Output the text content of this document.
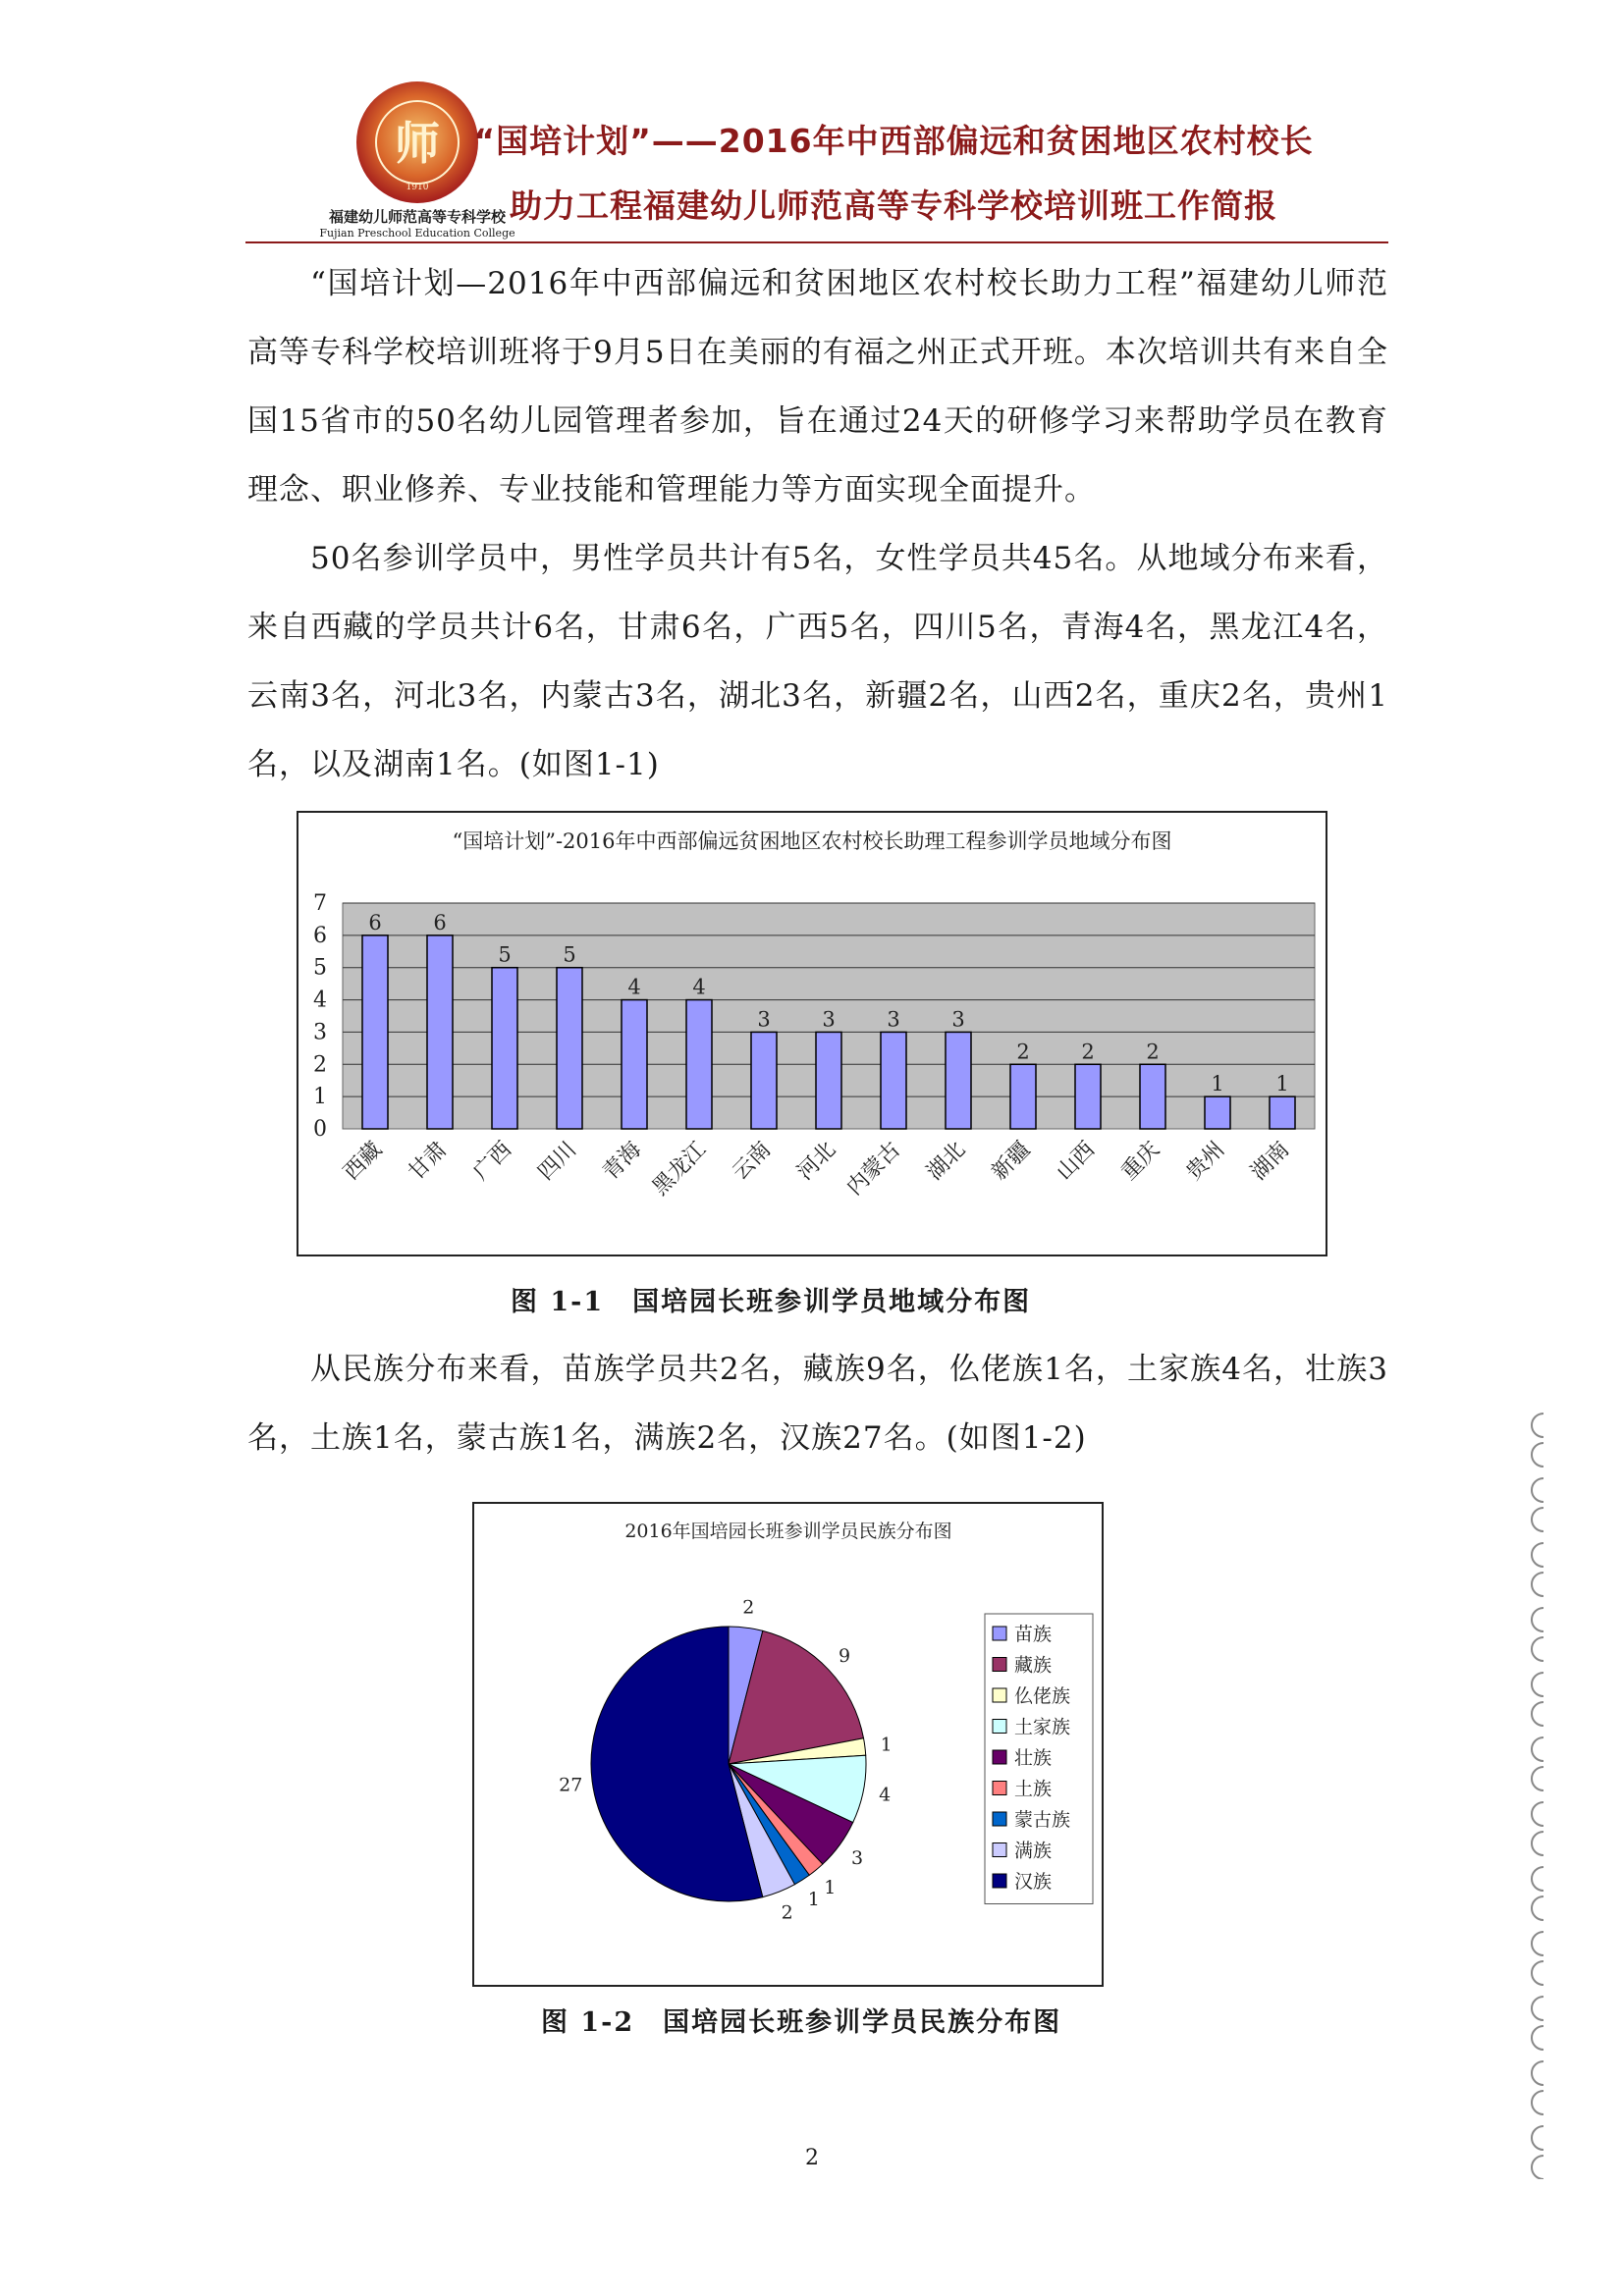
师
1910
福建幼儿师范高等专科学校
Fujian Preschool Education College
“国培计划”——2016年中西部偏远和贫困地区农村校长
助力工程福建幼儿师范高等专科学校培训班工作简报
“国培计划—2016年中西部偏远和贫困地区农村校长助力工程”福建幼儿师范高等专科学校培训班将于9月5日在美丽的有福之州正式开班。本次培训共有来自全国15省市的50名幼儿园管理者参加，旨在通过24天的研修学习来帮助学员在教育理念、职业修养、专业技能和管理能力等方面实现全面提升。
50名参训学员中，男性学员共计有5名，女性学员共45名。从地域分布来看，来自西藏的学员共计6名，甘肃6名，广西5名，四川5名，青海4名，黑龙江4名，云南3名，河北3名，内蒙古3名，湖北3名，新疆2名，山西2名，重庆2名，贵州1名，以及湖南1名。(如图1-1)
“国培计划”-2016年中西部偏远贫困地区农村校长助理工程参训学员地域分布图
0
1
2
3
4
5
6
7
6
西藏
6
甘肃
5
广西
5
四川
4
青海
4
黑龙江
3
云南
3
河北
3
内蒙古
3
湖北
2
新疆
2
山西
2
重庆
1
贵州
1
湖南
图 1-1　国培园长班参训学员地域分布图
从民族分布来看，苗族学员共2名，藏族9名，仫佬族1名，土家族4名，壮族3名，土族1名，蒙古族1名，满族2名，汉族27名。(如图1-2)
2016年国培园长班参训学员民族分布图
2
9
1
4
3
1
1
2
27
苗族
藏族
仫佬族
土家族
壮族
土族
蒙古族
满族
汉族
图 1-2　国培园长班参训学员民族分布图
2
